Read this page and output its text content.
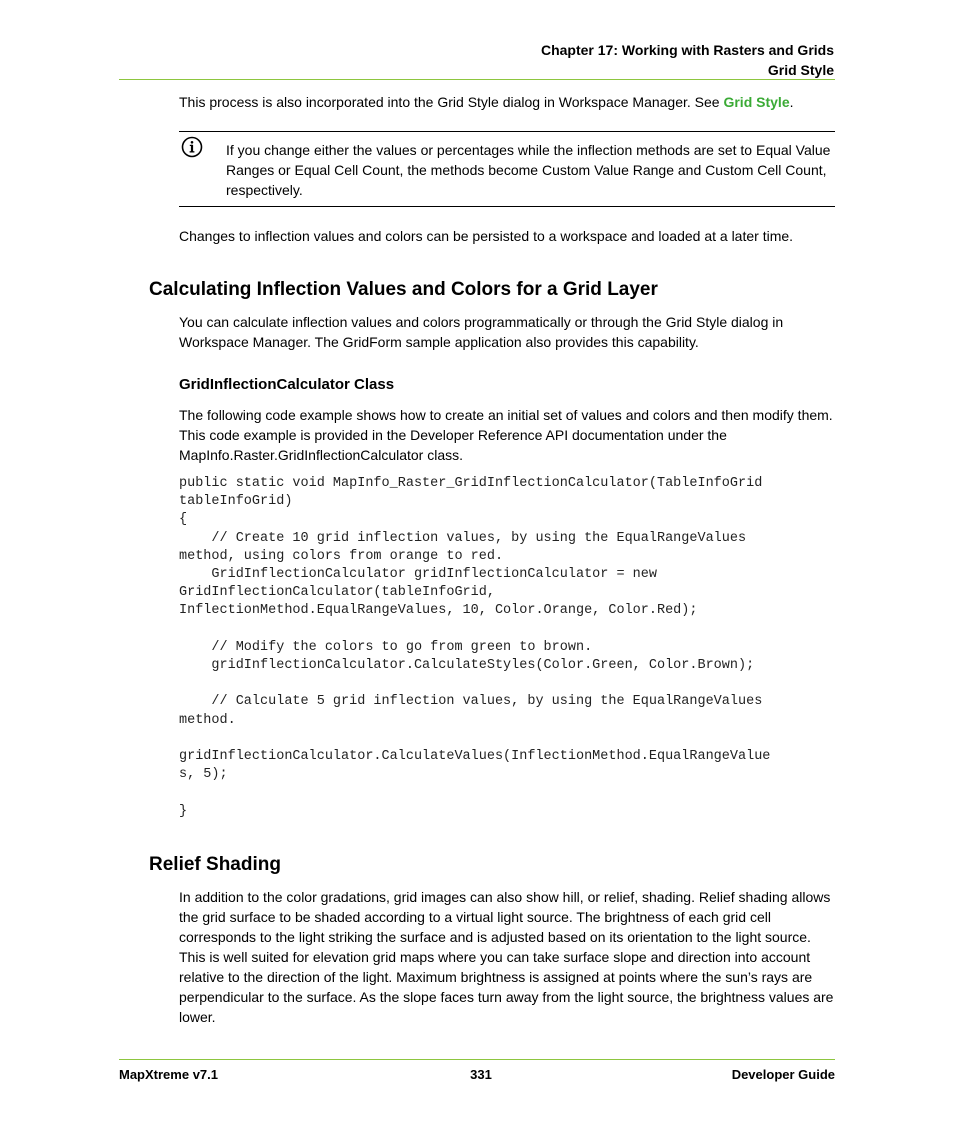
Chapter 17: Working with Rasters and Grids
Grid Style
This process is also incorporated into the Grid Style dialog in Workspace Manager. See Grid Style.
If you change either the values or percentages while the inflection methods are set to Equal Value Ranges or Equal Cell Count, the methods become Custom Value Range and Custom Cell Count, respectively.
Changes to inflection values and colors can be persisted to a workspace and loaded at a later time.
Calculating Inflection Values and Colors for a Grid Layer
You can calculate inflection values and colors programmatically or through the Grid Style dialog in Workspace Manager. The GridForm sample application also provides this capability.
GridInflectionCalculator Class
The following code example shows how to create an initial set of values and colors and then modify them. This code example is provided in the Developer Reference API documentation under the MapInfo.Raster.GridInflectionCalculator class.
public static void MapInfo_Raster_GridInflectionCalculator(TableInfoGrid
tableInfoGrid)
{
// Create 10 grid inflection values, by using the EqualRangeValues
method, using colors from orange to red.
GridInflectionCalculator gridInflectionCalculator = new
GridInflectionCalculator(tableInfoGrid,
InflectionMethod.EqualRangeValues, 10, Color.Orange, Color.Red);

// Modify the colors to go from green to brown.
gridInflectionCalculator.CalculateStyles(Color.Green, Color.Brown);

// Calculate 5 grid inflection values, by using the EqualRangeValues
method.

gridInflectionCalculator.CalculateValues(InflectionMethod.EqualRangeValue
s, 5);

}
Relief Shading
In addition to the color gradations, grid images can also show hill, or relief, shading. Relief shading allows the grid surface to be shaded according to a virtual light source. The brightness of each grid cell corresponds to the light striking the surface and is adjusted based on its orientation to the light source. This is well suited for elevation grid maps where you can take surface slope and direction into account relative to the direction of the light. Maximum brightness is assigned at points where the sun’s rays are perpendicular to the surface. As the slope faces turn away from the light source, the brightness values are lower.
MapXtreme v7.1	331	Developer Guide
